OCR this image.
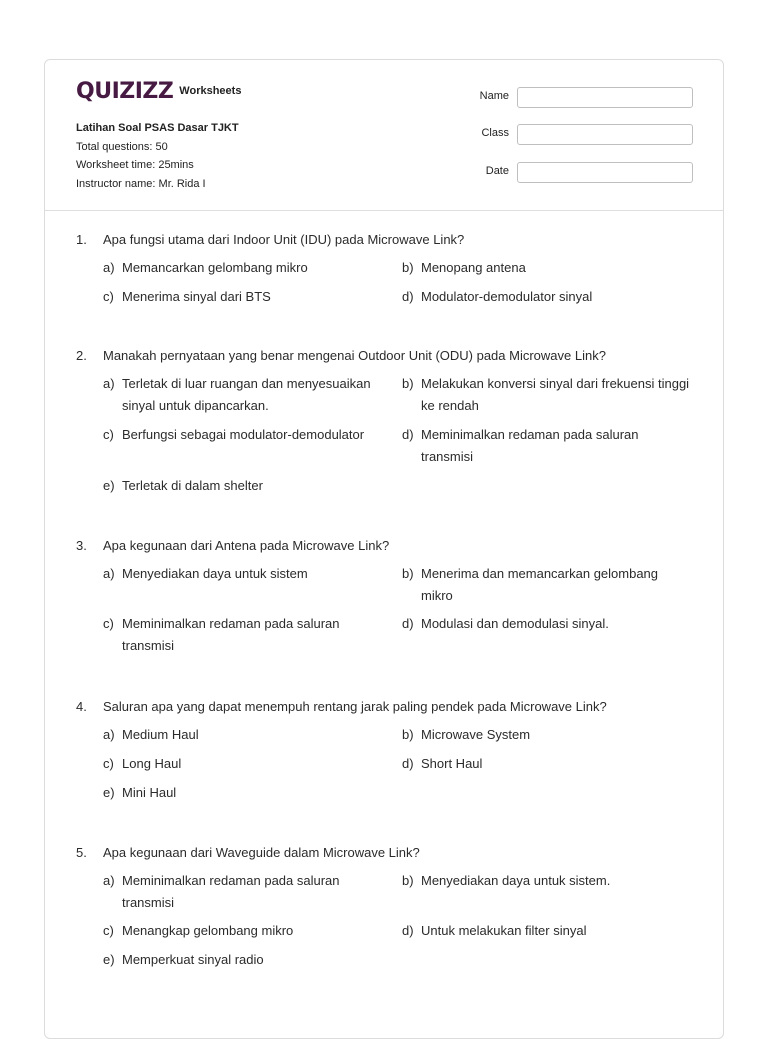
QUIZIZZ Worksheets
Latihan Soal PSAS Dasar TJKT
Total questions: 50
Worksheet time: 25mins
Instructor name: Mr. Rida I
Name
Class
Date
1. Apa fungsi utama dari Indoor Unit (IDU) pada Microwave Link?
a) Memancarkan gelombang mikro	b) Menopang antena
c) Menerima sinyal dari BTS	d) Modulator-demodulator sinyal
2. Manakah pernyataan yang benar mengenai Outdoor Unit (ODU) pada Microwave Link?
a) Terletak di luar ruangan dan menyesuaikan sinyal untuk dipancarkan.
b) Melakukan konversi sinyal dari frekuensi tinggi ke rendah
c) Berfungsi sebagai modulator-demodulator	d) Meminimalkan redaman pada saluran transmisi
e) Terletak di dalam shelter
3. Apa kegunaan dari Antena pada Microwave Link?
a) Menyediakan daya untuk sistem	b) Menerima dan memancarkan gelombang mikro
c) Meminimalkan redaman pada saluran transmisi
d) Modulasi dan demodulasi sinyal.
4. Saluran apa yang dapat menempuh rentang jarak paling pendek pada Microwave Link?
a) Medium Haul	b) Microwave System
c) Long Haul	d) Short Haul
e) Mini Haul
5. Apa kegunaan dari Waveguide dalam Microwave Link?
a) Meminimalkan redaman pada saluran transmisi
b) Menyediakan daya untuk sistem.
c) Menangkap gelombang mikro	d) Untuk melakukan filter sinyal
e) Memperkuat sinyal radio
